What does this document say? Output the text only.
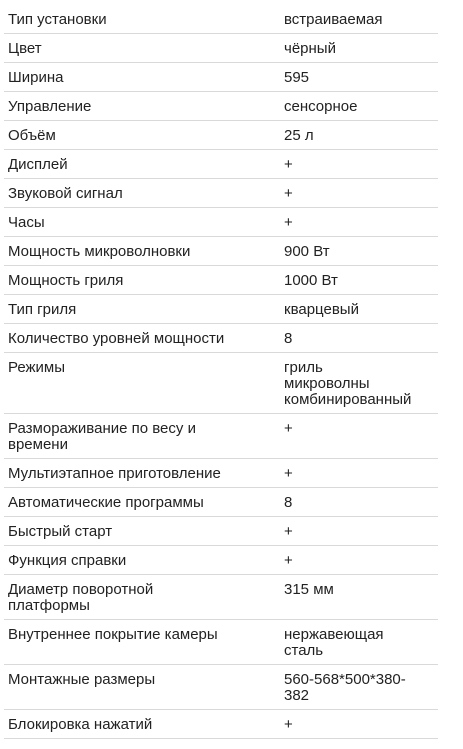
Тип установки	встраиваемая
Цвет	чёрный
Ширина	595
Управление	сенсорное
Объём	25 л
Дисплей	+
Звуковой сигнал	+
Часы	+
Мощность микроволновки	900 Вт
Мощность гриля	1000 Вт
Тип гриля	кварцевый
Количество уровней мощности	8
Режимы	гриль
микроволны
комбинированный
Размораживание по весу и
времени	+
Мультиэтапное приготовление	+
Автоматические программы	8
Быстрый старт	+
Функция справки	+
Диаметр поворотной
платформы	315 мм
Внутреннее покрытие камеры	нержавеющая
сталь
Монтажные размеры	560-568*500*380-
382
Блокировка нажатий	+
